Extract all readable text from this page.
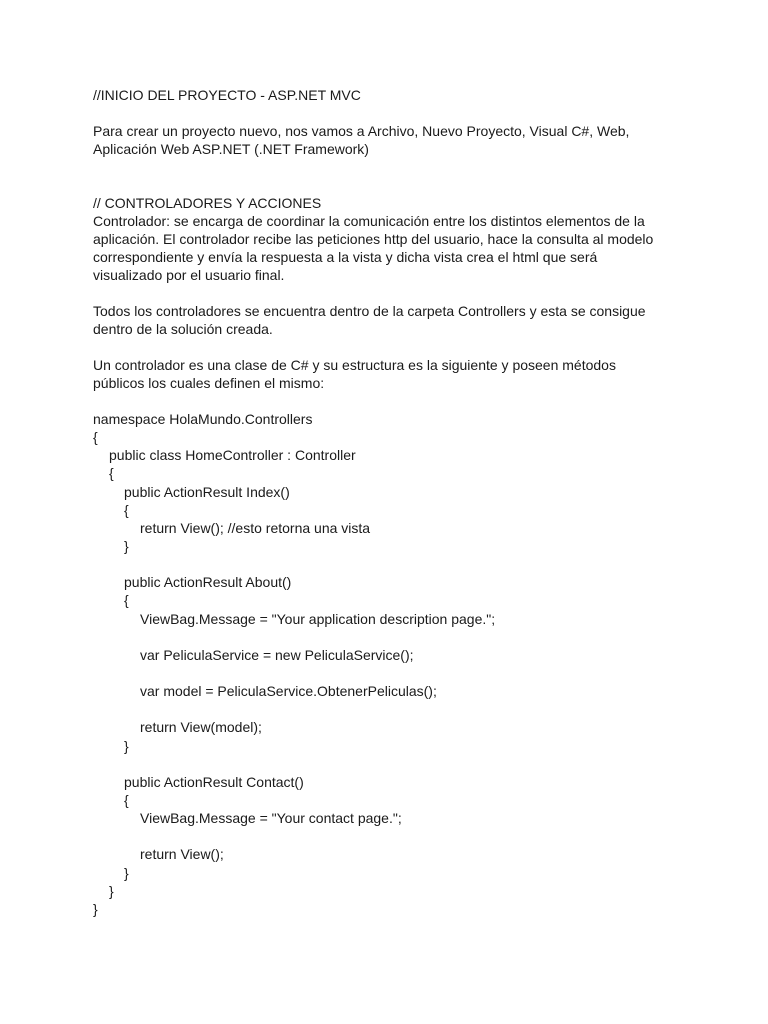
//INICIO DEL PROYECTO - ASP.NET MVC
Para crear un proyecto nuevo, nos vamos a Archivo, Nuevo Proyecto, Visual C#, Web,
Aplicación Web ASP.NET (.NET Framework)
// CONTROLADORES Y ACCIONES
Controlador: se encarga de coordinar la comunicación entre los distintos elementos de la
aplicación. El controlador recibe las peticiones http del usuario, hace la consulta al modelo
correspondiente y envía la respuesta a la vista y dicha vista crea el html que será
visualizado por el usuario final.
Todos los controladores se encuentra dentro de la carpeta Controllers y esta se consigue
dentro de la solución creada.
Un controlador es una clase de C# y su estructura es la siguiente y poseen métodos
públicos los cuales definen el mismo:
namespace HolaMundo.Controllers
{
public class HomeController : Controller
{
public ActionResult Index()
{
return View(); //esto retorna una vista
}
public ActionResult About()
{
ViewBag.Message = "Your application description page.";
var PeliculaService = new PeliculaService();
var model = PeliculaService.ObtenerPeliculas();
return View(model);
}
public ActionResult Contact()
{
ViewBag.Message = "Your contact page.";
return View();
}
}
}
